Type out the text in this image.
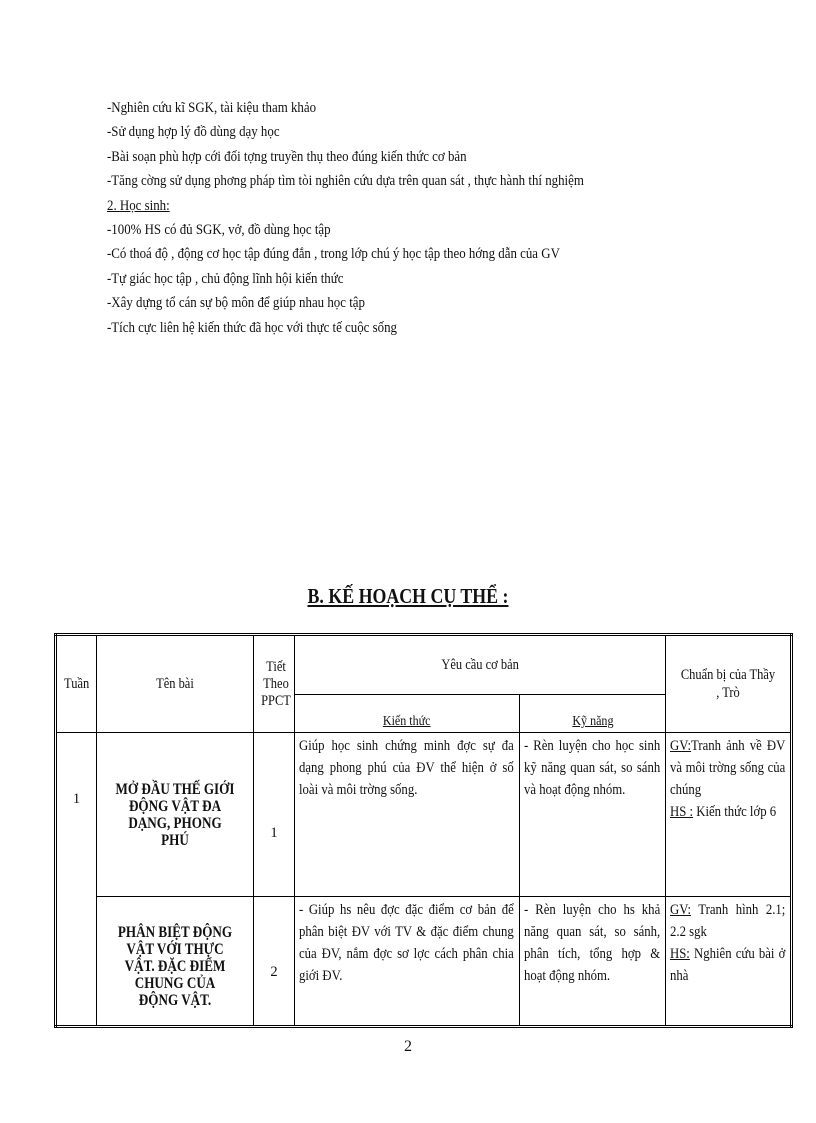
-Nghiên cứu kĩ SGK, tài kiệu tham khảo
-Sử dụng hợp lý đồ dùng dạy học
-Bài soạn phù hợp cới đối tợng truyền thụ theo đúng kiến thức cơ bản
-Tăng cờng sử dụng phơng pháp tìm tòi nghiên cứu dựa trên quan sát , thực hành thí nghiệm
2. Học sinh:
-100% HS có đủ SGK, vở, đồ dùng học tập
-Có thoá độ , động cơ học tập đúng đắn , trong lớp chú ý học tập theo hớng dẫn của GV
-Tự giác học tập , chủ động lĩnh hội kiến thức
-Xây dựng tổ cán sự bộ môn để giúp nhau học tập
-Tích cực liên hệ kiến thức đã học với thực tế cuộc sống
B. KẾ HOẠCH CỤ THỂ :
Tuần	Tên bài	Tiết Theo PPCT	Yêu cầu cơ bản		Chuẩn bị của Thầy , Trò
			Kiến thức	Kỹ năng	
1	MỞ ĐẦU THẾ GIỚI ĐỘNG VẬT ĐA DẠNG, PHONG PHÚ	1	Giúp học sinh chứng minh đợc sự đa dạng phong phú của ĐV thể hiện ở số loài và môi trờng sống.	- Rèn luyện cho học sinh kỹ năng quan sát, so sánh và hoạt động nhóm.	GV:Tranh ảnh về ĐV và môi trờng sống của chúng
HS : Kiến thức lớp 6

	PHÂN BIỆT ĐỘNG VẬT VỚI THỰC VẬT. ĐẶC ĐIỂM CHUNG CỦA ĐỘNG VẬT.	2	- Giúp hs nêu đợc đặc điểm cơ bản để phân biệt ĐV với TV & đặc điểm chung của ĐV, nắm đợc sơ lợc cách phân chia giới ĐV.	- Rèn luyện cho hs khả năng quan sát, so sánh, phân tích, tổng hợp & hoạt động nhóm.	GV: Tranh hình 2.1; 2.2 sgk
HS: Nghiên cứu bài ở nhà
2
